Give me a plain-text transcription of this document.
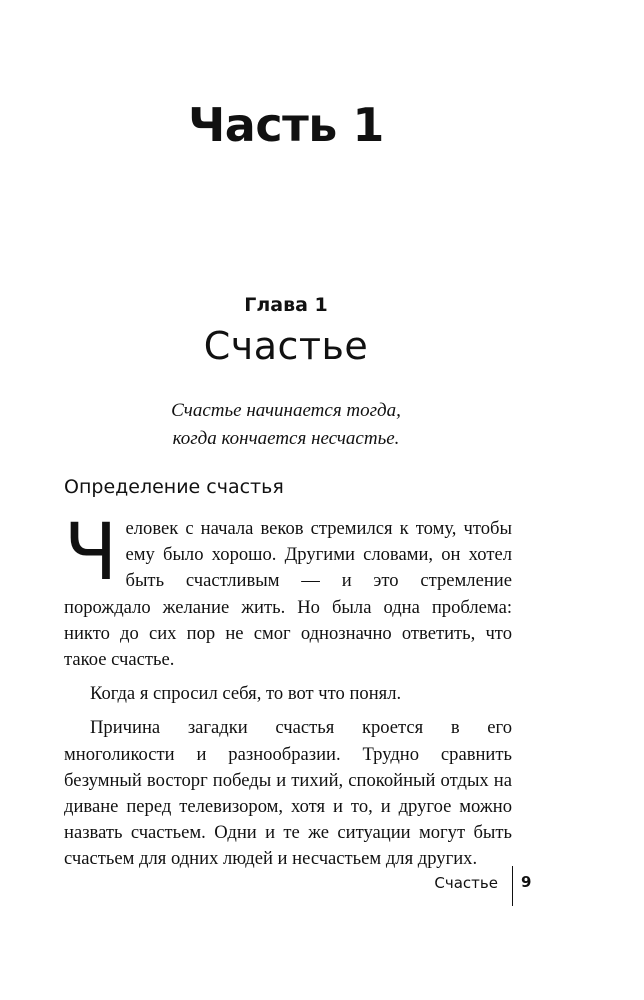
Часть 1
Глава 1
Счастье
Счастье начинается тогда,
когда кончается несчастье.
Определение счастья

Человек с начала веков стремился к тому, чтобы ему было хорошо. Другими словами, он хотел быть счастливым — и это стремление порождало желание жить. Но была одна проблема: никто до сих пор не смог однозначно ответить, что такое счастье.

Когда я спросил себя, то вот что понял.

Причина загадки счастья кроется в его многоликости и разнообразии. Трудно сравнить безумный восторг победы и тихий, спокойный отдых на диване перед телевизором, хотя и то, и другое можно назвать счастьем. Одни и те же ситуации могут быть счастьем для одних людей и несчастьем для других.

Счастье 9
